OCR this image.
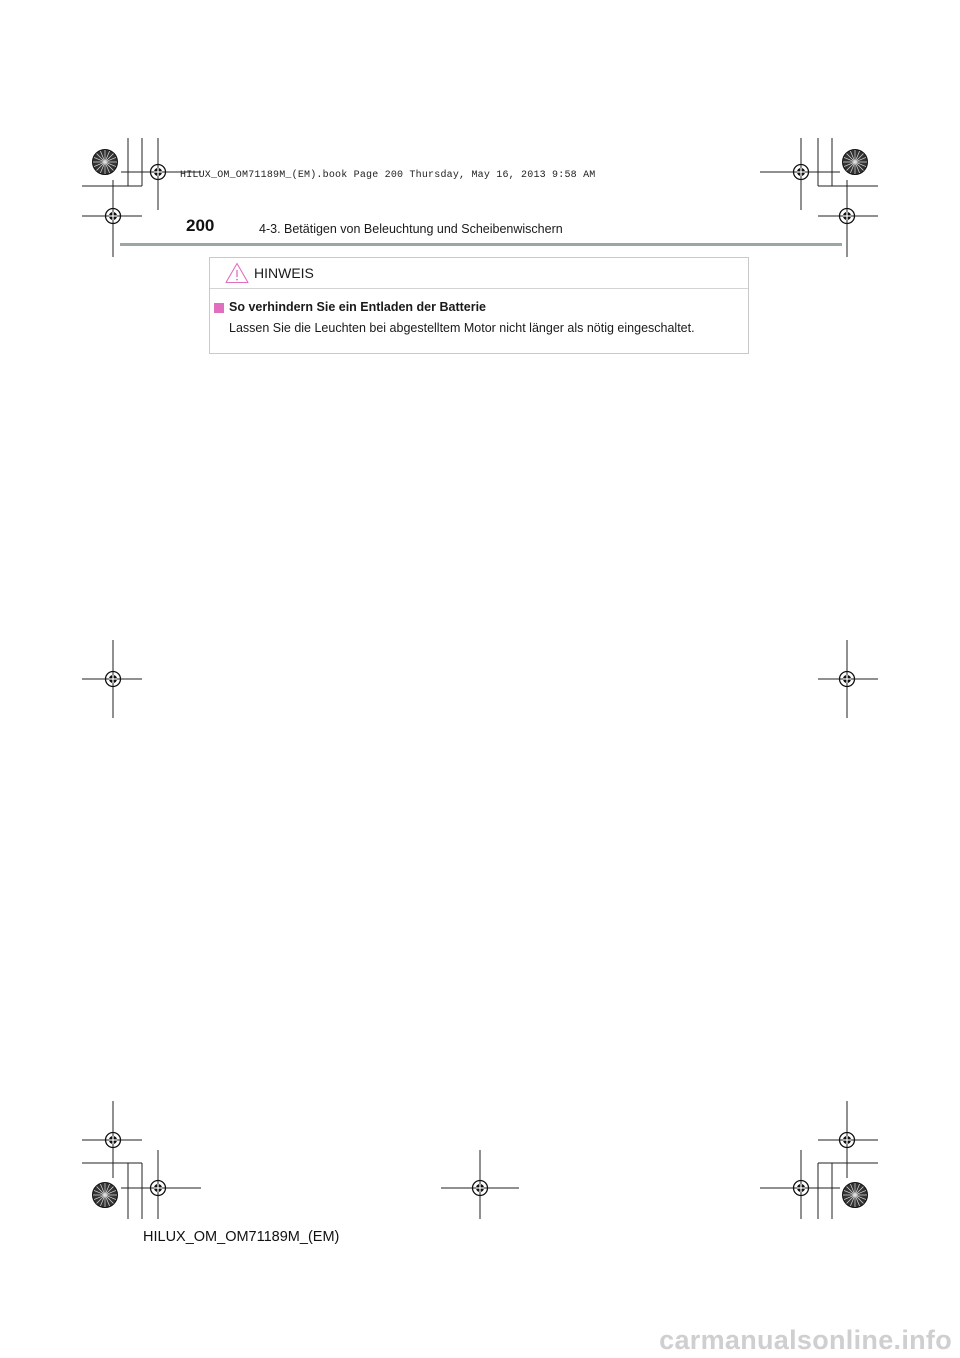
HILUX_OM_OM71189M_(EM).book Page 200 Thursday, May 16, 2013 9:58 AM
200	4-3. Betätigen von Beleuchtung und Scheibenwischern
HINWEIS
So verhindern Sie ein Entladen der Batterie
Lassen Sie die Leuchten bei abgestelltem Motor nicht länger als nötig eingeschaltet.
HILUX_OM_OM71189M_(EM)
carmanualsonline.info
